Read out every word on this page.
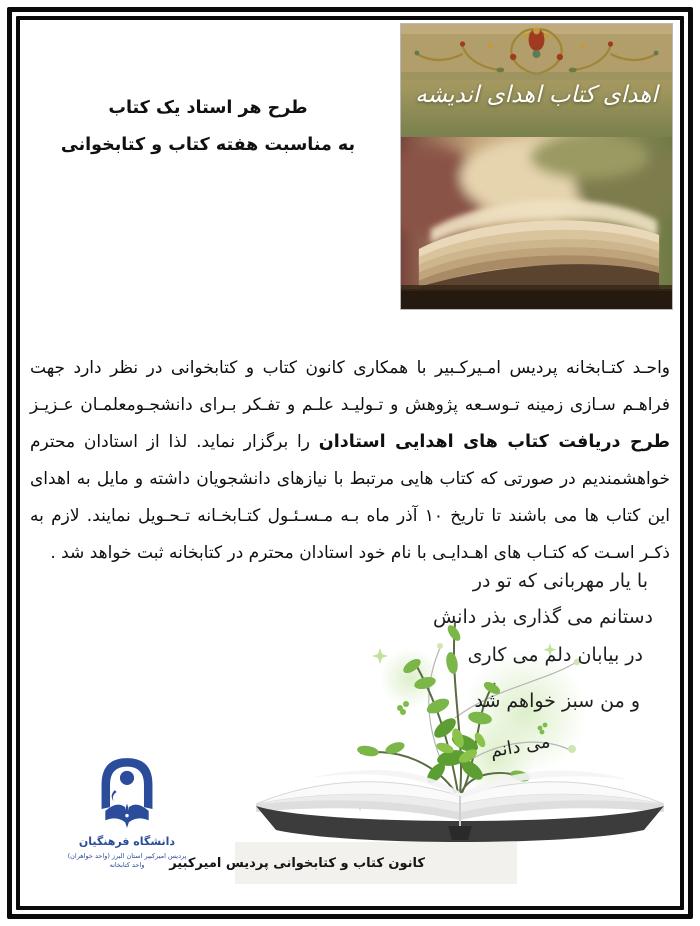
طرح هر استاد یک کتاب
به مناسبت هفته کتاب و کتابخوانی
اهدای کتاب اهدای اندیشه
واحـد کتـابخانه پردیس امـیرکـبیر با همکاری کانون کتاب و کتابخوانی در نظر دارد جهت فراهـم سـازی زمینه تـوسـعه پژوهش و تـولیـد علـم و تفـکر بـرای دانشجـومعلمـان عـزیـز طرح دریافت کتاب های اهدایی استادان را برگزار نماید. لذا از استادان محترم خواهشمندیم در صورتی که کتاب هایی مرتبط با نیازهای دانشجویان داشته و مایل به اهدای این کتاب ها می باشند تا تاریخ ۱۰ آذر ماه بـه مـسـئـول کتـابخـانه تـحـویل نمایند. لازم به ذکـر اسـت که کتـاب های اهـدایـی با نام خود استادان محترم در کتابخانه ثبت خواهد شد .
با یار مهربانی که تو در
دستانم می گذاری بذر دانش
در بیابان دلم می کاری
و من سبز خواهم شد
می دانم
کانون کتاب و کتابخوانی پردیس امیرکبیر
دانشگاه فرهنگیان
پردیس امیرکبیر استان البرز (واحد خواهران)
واحد کتابخانه
